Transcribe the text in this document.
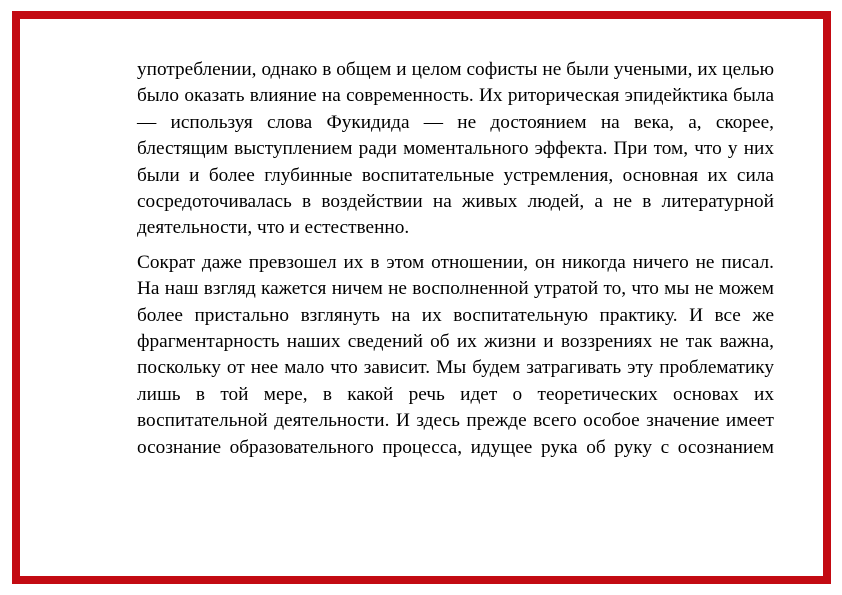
употреблении, однако в общем и целом софисты не были учеными, их целью было оказать влияние на современность. Их риторическая эпидейктика была — используя слова Фукидида — не достоянием на века, а, скорее, блестящим выступлением ради моментального эффекта. При том, что у них были и более глубинные воспитательные устремления, основная их сила сосредоточивалась в воздействии на живых людей, а не в литературной деятельности, что и естественно.

Сократ даже превзошел их в этом отношении, он никогда ничего не писал. На наш взгляд кажется ничем не восполненной утратой то, что мы не можем более пристально взглянуть на их воспитательную практику. И все же фрагментарность наших сведений об их жизни и воззрениях не так важна, поскольку от нее мало что зависит. Мы будем затрагивать эту проблематику лишь в той мере, в какой речь идет о теоретических основах их воспитательной деятельности. И здесь прежде всего особое значение имеет осознание образовательного процесса, идущее рука об руку с осознанием
